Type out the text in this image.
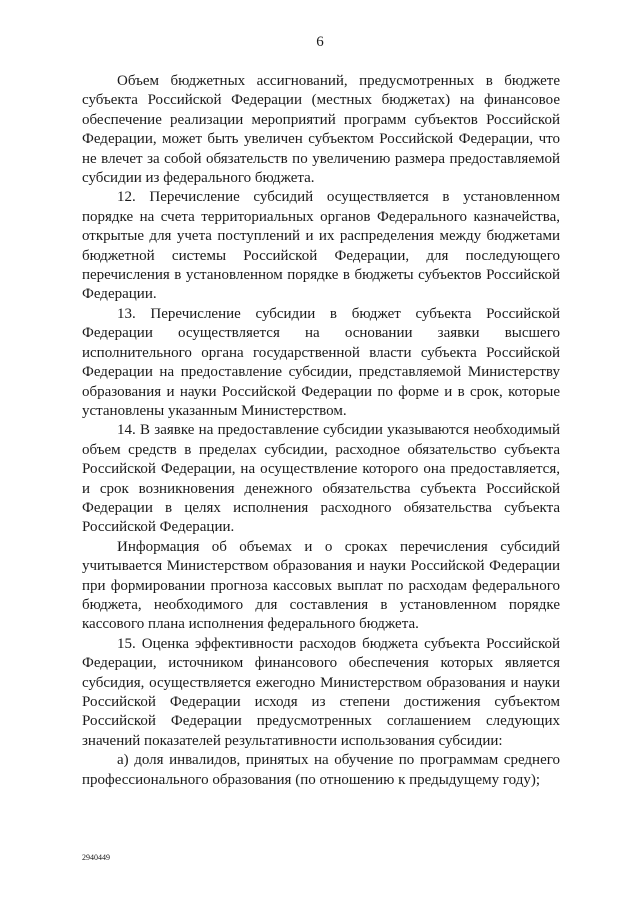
6

Объем бюджетных ассигнований, предусмотренных в бюджете субъекта Российской Федерации (местных бюджетах) на финансовое обеспечение реализации мероприятий программ субъектов Российской Федерации, может быть увеличен субъектом Российской Федерации, что не влечет за собой обязательств по увеличению размера предоставляемой субсидии из федерального бюджета.

12. Перечисление субсидий осуществляется в установленном порядке на счета территориальных органов Федерального казначейства, открытые для учета поступлений и их распределения между бюджетами бюджетной системы Российской Федерации, для последующего перечисления в установленном порядке в бюджеты субъектов Российской Федерации.

13. Перечисление субсидии в бюджет субъекта Российской Федерации осуществляется на основании заявки высшего исполнительного органа государственной власти субъекта Российской Федерации на предоставление субсидии, представляемой Министерству образования и науки Российской Федерации по форме и в срок, которые установлены указанным Министерством.

14. В заявке на предоставление субсидии указываются необходимый объем средств в пределах субсидии, расходное обязательство субъекта Российской Федерации, на осуществление которого она предоставляется, и срок возникновения денежного обязательства субъекта Российской Федерации в целях исполнения расходного обязательства субъекта Российской Федерации.

Информация об объемах и о сроках перечисления субсидий учитывается Министерством образования и науки Российской Федерации при формировании прогноза кассовых выплат по расходам федерального бюджета, необходимого для составления в установленном порядке кассового плана исполнения федерального бюджета.

15. Оценка эффективности расходов бюджета субъекта Российской Федерации, источником финансового обеспечения которых является субсидия, осуществляется ежегодно Министерством образования и науки Российской Федерации исходя из степени достижения субъектом Российской Федерации предусмотренных соглашением следующих значений показателей результативности использования субсидии:

а) доля инвалидов, принятых на обучение по программам среднего профессионального образования (по отношению к предыдущему году);

2940449
